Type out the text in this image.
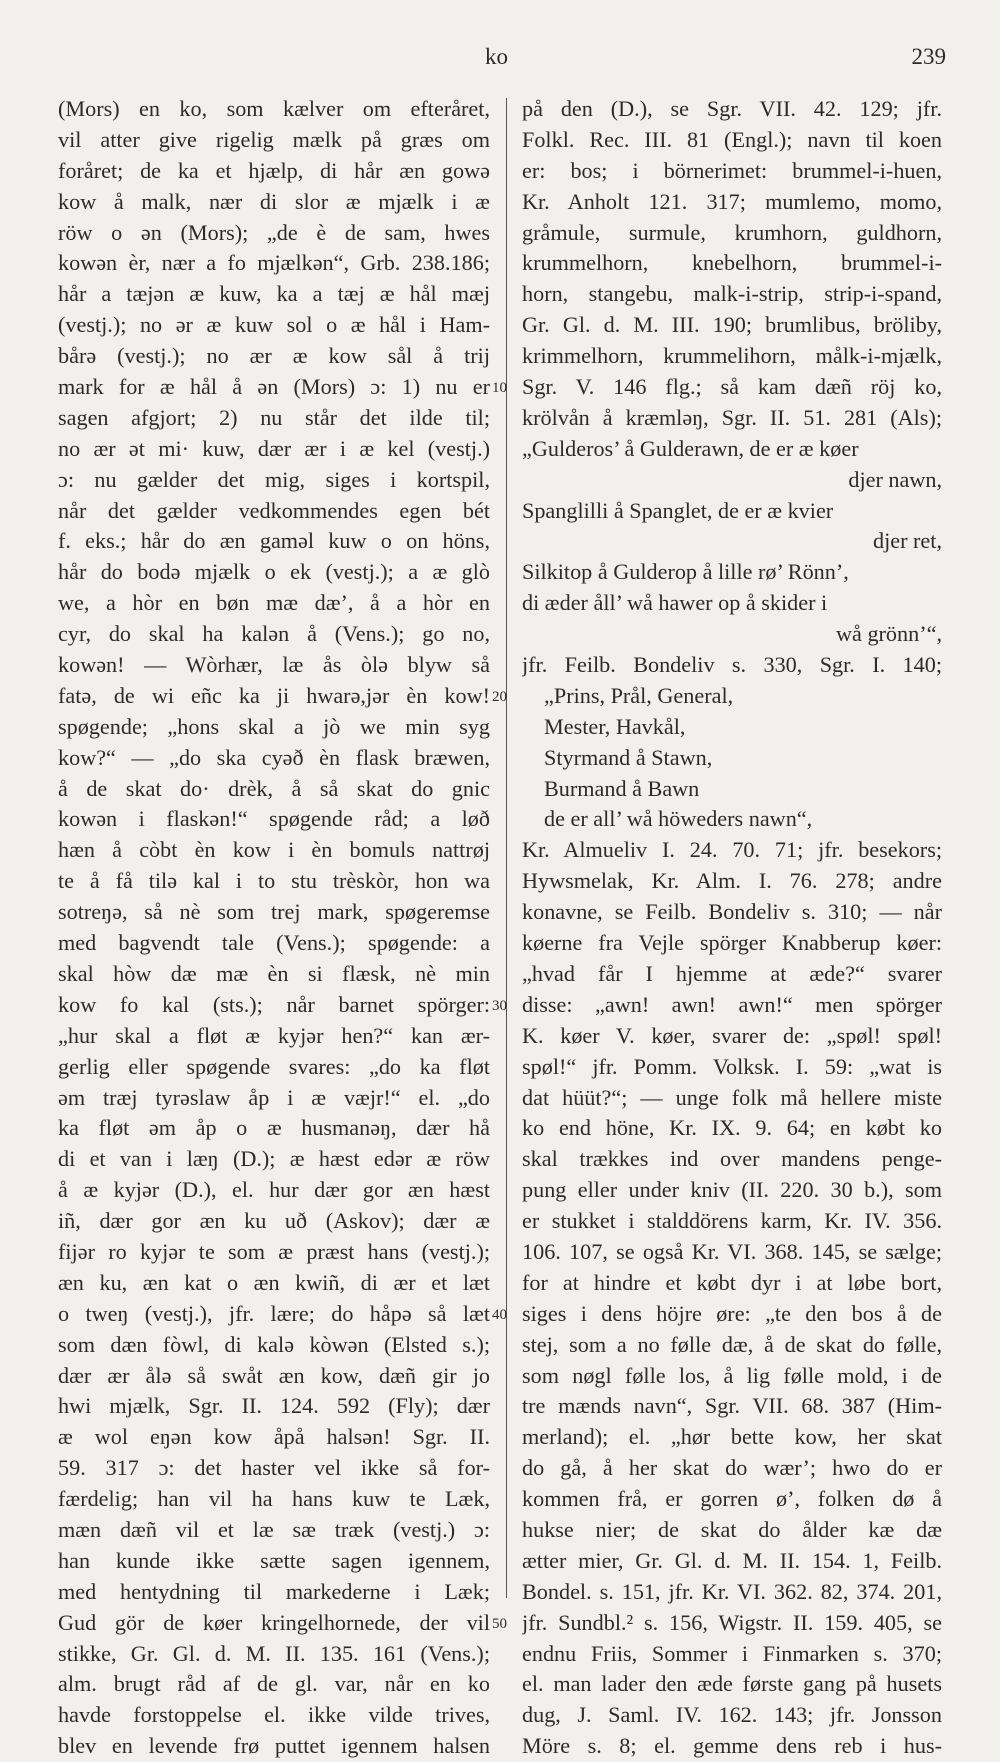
ko	239
10
20
30
40
50
(Mors) en ko, som kælver om efteråret,
vil atter give rigelig mælk på græs om
foråret; de ka et hjælp, di hår æn gowə
kow å malk, nær di slor æ mjælk i æ
röw o ən (Mors); „de è de sam, hwes
kowən èr, nær a fo mjælkən“, Grb. 238.186;
hår a tæjən æ kuw, ka a tæj æ hål mæj
(vestj.); no ər æ kuw sol o æ hål i Ham-
bårə (vestj.); no ær æ kow sål å trij
mark for æ hål å ən (Mors) ɔ: 1) nu er
sagen afgjort; 2) nu står det ilde til;
no ær ət mi· kuw, dær ær i æ kel (vestj.)
ɔ: nu gælder det mig, siges i kortspil,
når det gælder vedkommendes egen bét
f. eks.; hår do æn gaməl kuw o on höns,
hår do bodə mjælk o ek (vestj.); a æ glò
we, a hòr en bøn mæ dæ’, å a hòr en
cyr, do skal ha kalən å (Vens.); go no,
kowən! — Wòrhær, læ ås òlə blyw så
fatə, de wi eñc ka ji hwarə,jər èn kow!
spøgende; „hons skal a jò we min syg
kow?“ — „do ska cyəð èn flask bræwen,
å de skat do· drèk, å så skat do gnic
kowən i flaskən!“ spøgende råd; a løð
hæn å còbt èn kow i èn bomuls nattrøj
te å få tilə kal i to stu trèskòr, hon wa
sotreŋə, så nè som trej mark, spøgeremse
med bagvendt tale (Vens.); spøgende: a
skal hòw dæ mæ èn si flæsk, nè min
kow fo kal (sts.); når barnet spörger:
„hur skal a fløt æ kyjər hen?“ kan ær-
gerlig eller spøgende svares: „do ka fløt
əm træj tyrəslaw åp i æ væjr!“ el. „do
ka fløt əm åp o æ husmanəŋ, dær hå
di et van i læŋ (D.); æ hæst edər æ röw
å æ kyjər (D.), el. hur dær gor æn hæst
iñ, dær gor æn ku uð (Askov); dær æ
fijər ro kyjər te som æ præst hans (vestj.);
æn ku, æn kat o æn kwiñ, di ær et læt
o tweŋ (vestj.), jfr. lære; do håpə så læt
som dæn fòwl, di kalə kòwən (Elsted s.);
dær ær ålə så swåt æn kow, dæñ gir jo
hwi mjælk, Sgr. II. 124. 592 (Fly); dær
æ wol eŋən kow åpå halsən! Sgr. II.
59. 317 ɔ: det haster vel ikke så for-
færdelig; han vil ha hans kuw te Læk,
mæn dæñ vil et læ sæ træk (vestj.) ɔ:
han kunde ikke sætte sagen igennem,
med hentydning til markederne i Læk;
Gud gör de køer kringelhornede, der vil
stikke, Gr. Gl. d. M. II. 135. 161 (Vens.);
alm. brugt råd af de gl. var, når en ko
havde forstoppelse el. ikke vilde trives,
blev en levende frø puttet igennem halsen
på den (D.), se Sgr. VII. 42. 129; jfr.
Folkl. Rec. III. 81 (Engl.); navn til koen
er: bos; i börnerimet: brummel-i-huen,
Kr. Anholt 121. 317; mumlemo, momo,
gråmule, surmule, krumhorn, guldhorn,
krummelhorn, knebelhorn, brummel-i-
horn, stangebu, malk-i-strip, strip-i-spand,
Gr. Gl. d. M. III. 190; brumlibus, bröliby,
krimmelhorn, krummelihorn, målk-i-mjælk,
Sgr. V. 146 flg.; så kam dæñ röj ko,
krölvån å kræmləŋ, Sgr. II. 51. 281 (Als);
„Gulderos’ å Gulderawn, de er æ køer
djer nawn,
Spanglilli å Spanglet, de er æ kvier
djer ret,
Silkitop å Gulderop å lille rø’ Rönn’,
di æder åll’ wå hawer op å skider i
wå grönn’“,
jfr. Feilb. Bondeliv s. 330, Sgr. I. 140;
„Prins, Prål, General,
Mester, Havkål,
Styrmand å Stawn,
Burmand å Bawn
de er all’ wå höweders nawn“,
Kr. Almueliv I. 24. 70. 71; jfr. besekors;
Hywsmelak, Kr. Alm. I. 76. 278; andre
konavne, se Feilb. Bondeliv s. 310; — når
køerne fra Vejle spörger Knabberup køer:
„hvad får I hjemme at æde?“ svarer
disse: „awn! awn! awn!“ men spörger
K. køer V. køer, svarer de: „spøl! spøl!
spøl!“ jfr. Pomm. Volksk. I. 59: „wat is
dat hüüt?“; — unge folk må hellere miste
ko end höne, Kr. IX. 9. 64; en købt ko
skal trækkes ind over mandens penge-
pung eller under kniv (II. 220. 30 b.), som
er stukket i stalddörens karm, Kr. IV. 356.
106. 107, se også Kr. VI. 368. 145, se sælge;
for at hindre et købt dyr i at løbe bort,
siges i dens höjre øre: „te den bos å de
stej, som a no følle dæ, å de skat do følle,
som nøgl følle los, å lig følle mold, i de
tre mænds navn“, Sgr. VII. 68. 387 (Him-
merland); el. „hør bette kow, her skat
do gå, å her skat do wær’; hwo do er
kommen frå, er gorren ø’, folken dø å
hukse nier; de skat do ålder kæ dæ
ætter mier, Gr. Gl. d. M. II. 154. 1, Feilb.
Bondel. s. 151, jfr. Kr. VI. 362. 82, 374. 201,
jfr. Sundbl.² s. 156, Wigstr. II. 159. 405, se
endnu Friis, Sommer i Finmarken s. 370;
el. man lader den æde første gang på husets
dug, J. Saml. IV. 162. 143; jfr. Jonsson
Möre s. 8; el. gemme dens reb i hus-
